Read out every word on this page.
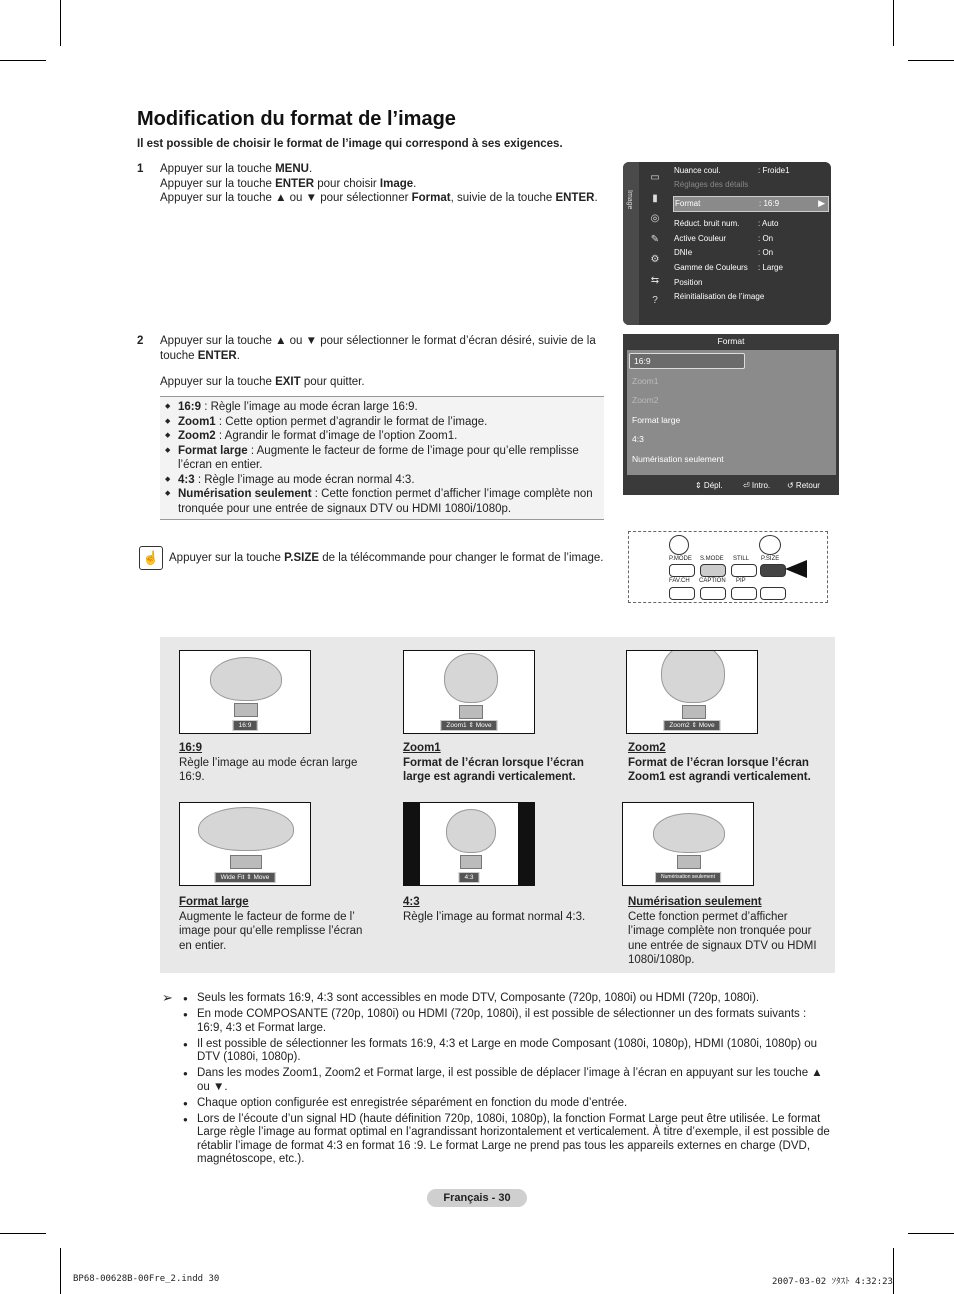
Modification du format de l’image
Il est possible de choisir le format de l’image qui correspond à ses exigences.
1 Appuyer sur la touche MENU.
Appuyer sur la touche ENTER pour choisir Image.
Appuyer sur la touche ▲ ou ▼ pour sélectionner Format, suivie de la touche ENTER.
2 Appuyer sur la touche ▲ ou ▼ pour sélectionner le format d’écran désiré, suivie de la
touche ENTER.
Appuyer sur la touche EXIT pour quitter.
◆ 16:9 : Règle l’image au mode écran large 16:9.
◆ Zoom1 : Cette option permet d’agrandir le format de l’image.
◆ Zoom2 : Agrandir le format d’image de l’option Zoom1.
◆ Format large : Augmente le facteur de forme de l’image pour qu’elle remplisse l’écran en entier.
◆ 4:3 : Règle l’image au mode écran normal 4:3.
◆ Numérisation seulement : Cette fonction permet d’afficher l’image complète non tronquée pour une entrée de signaux DTV ou HDMI 1080i/1080p.
Image
▭
▮
◎
✎
⚙
⇆
?
Nuance coul.	: Froide1
Réglages des détails
Format	: 16:9	▶
Réduct. bruit num. : Auto
Active Couleur	: On
DNIe	: On
Gamme de Couleurs : Large
Position
Réinitialisation de l’image
Format
16:9
Zoom1
Zoom2
Format large
4:3
Numérisation seulement
⇕ Dépl.	⏎ Intro. ↺ Retour
☝ Appuyer sur la touche P.SIZE de la télécommande pour changer le format de l’image.	P.MODE S.MODE STILL P.SIZE
FAV.CH CAPTION PIP
16:9	Zoom1 ⇕ Move	Zoom2 ⇕ Move
16:9
Règle l’image au mode écran large 16:9.
Zoom1
Format de l’écran lorsque l’écran large est agrandi verticalement.
Zoom2
Format de l’écran lorsque l’écran Zoom1 est agrandi verticalement.
Wide Fit ⇕ Move	4:3	Numérisation seulement
Format large
Augmente le facteur de forme de l’ image pour qu’elle remplisse l’écran en entier.
4:3
Règle l’image au format normal 4:3.
Numérisation seulement
Cette fonction permet d’afficher l’image complète non tronquée pour une entrée de signaux DTV ou HDMI 1080i/1080p.
➢
●	Seuls les formats 16:9, 4:3 sont accessibles en mode DTV, Composante (720p, 1080i) ou HDMI (720p, 1080i).
● En mode COMPOSANTE (720p, 1080i) ou HDMI (720p, 1080i), il est possible de sélectionner un des formats suivants : 16:9, 4:3 et Format large.
● Il est possible de sélectionner les formats 16:9, 4:3 et Large en mode Composant (1080i, 1080p), HDMI (1080i, 1080p) ou DTV (1080i, 1080p).
● Dans les modes Zoom1, Zoom2 et Format large, il est possible de déplacer l’image à l’écran en appuyant sur les touche ▲ ou ▼.
● Chaque option configurée est enregistrée séparément en fonction du mode d’entrée.
● Lors de l’écoute d’un signal HD (haute définition 720p, 1080i, 1080p), la fonction Format Large peut être utilisée. Le format Large règle l’image au format optimal en l’agrandissant horizontalement et verticalement. À titre d’exemple, il est possible de rétablir l’image de format 4:3 en format 16 :9. Le format Large ne prend pas tous les appareils externes en charge (DVD, magnétoscope, etc.).
Français - 30
BP68-00628B-00Fre_2.indd 30	2007-03-02 ｿﾀｽﾄ 4:32:23
